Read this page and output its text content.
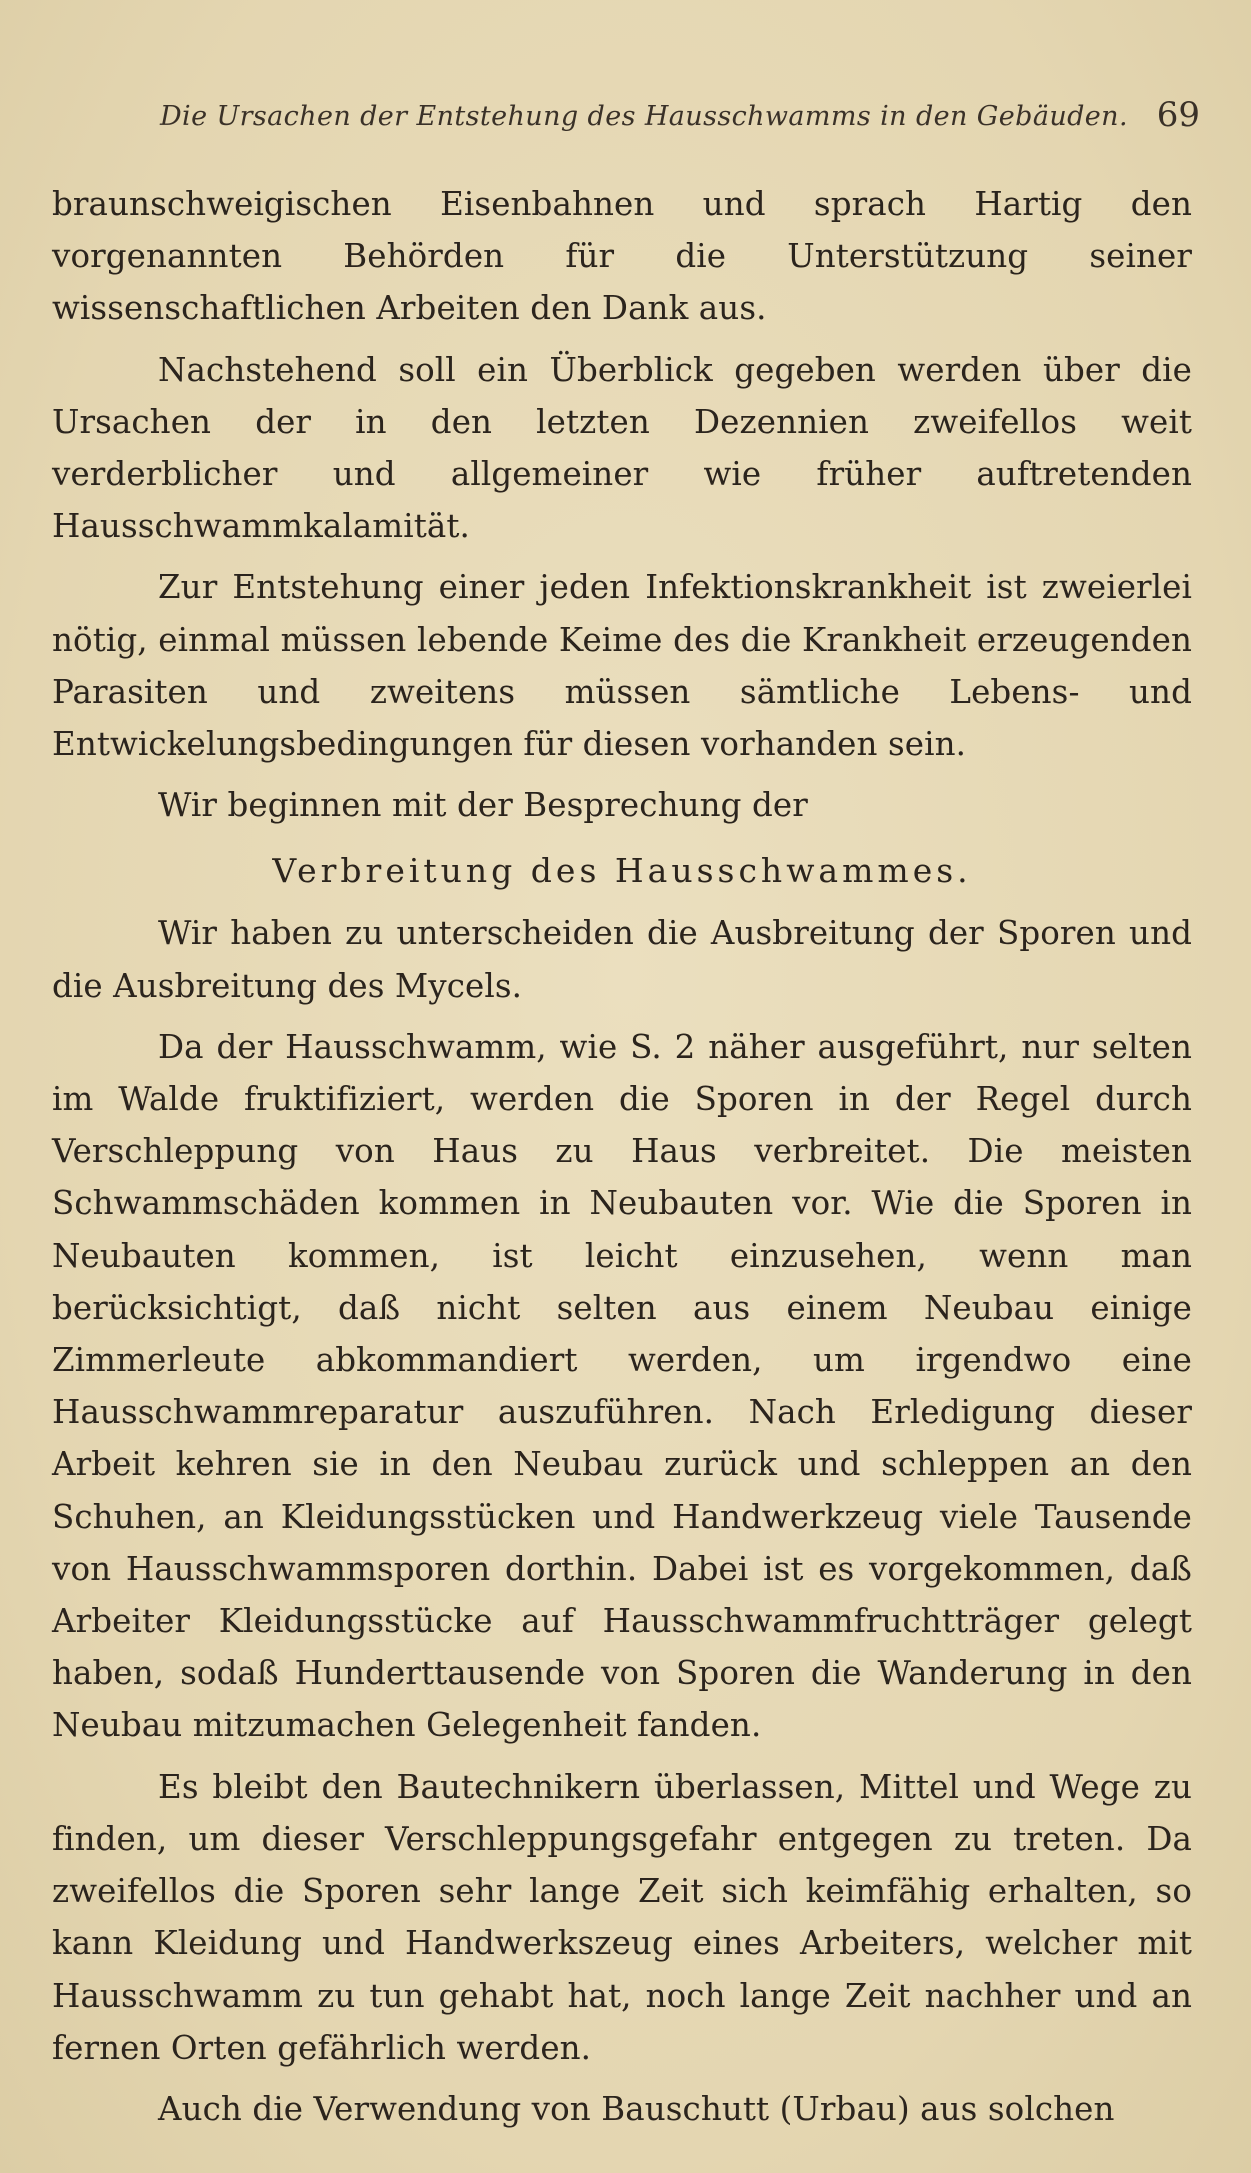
Die Ursachen der Entstehung des Hausschwamms in den Gebäuden. 69

braunschweigischen Eisenbahnen und sprach Hartig den vorgenannten Behörden für die Unterstützung seiner wissenschaftlichen Arbeiten den Dank aus.

Nachstehend soll ein Überblick gegeben werden über die Ursachen der in den letzten Dezennien zweifellos weit verderblicher und allgemeiner wie früher auftretenden Hausschwammkalamität.

Zur Entstehung einer jeden Infektionskrankheit ist zweierlei nötig, einmal müssen lebende Keime des die Krankheit erzeugenden Parasiten und zweitens müssen sämtliche Lebens- und Entwickelungsbedingungen für diesen vorhanden sein.

Wir beginnen mit der Besprechung der

Verbreitung des Hausschwammes.

Wir haben zu unterscheiden die Ausbreitung der Sporen und die Ausbreitung des Mycels.

Da der Hausschwamm, wie S. 2 näher ausgeführt, nur selten im Walde fruktifiziert, werden die Sporen in der Regel durch Verschleppung von Haus zu Haus verbreitet. Die meisten Schwammschäden kommen in Neubauten vor. Wie die Sporen in Neubauten kommen, ist leicht einzusehen, wenn man berücksichtigt, daß nicht selten aus einem Neubau einige Zimmerleute abkommandiert werden, um irgendwo eine Hausschwammreparatur auszuführen. Nach Erledigung dieser Arbeit kehren sie in den Neubau zurück und schleppen an den Schuhen, an Kleidungsstücken und Handwerkzeug viele Tausende von Hausschwammsporen dorthin. Dabei ist es vorgekommen, daß Arbeiter Kleidungsstücke auf Hausschwammfruchtträger gelegt haben, sodaß Hunderttausende von Sporen die Wanderung in den Neubau mitzumachen Gelegenheit fanden.

Es bleibt den Bautechnikern überlassen, Mittel und Wege zu finden, um dieser Verschleppungsgefahr entgegen zu treten. Da zweifellos die Sporen sehr lange Zeit sich keimfähig erhalten, so kann Kleidung und Handwerkszeug eines Arbeiters, welcher mit Hausschwamm zu tun gehabt hat, noch lange Zeit nachher und an fernen Orten gefährlich werden.

Auch die Verwendung von Bauschutt (Urbau) aus solchen
